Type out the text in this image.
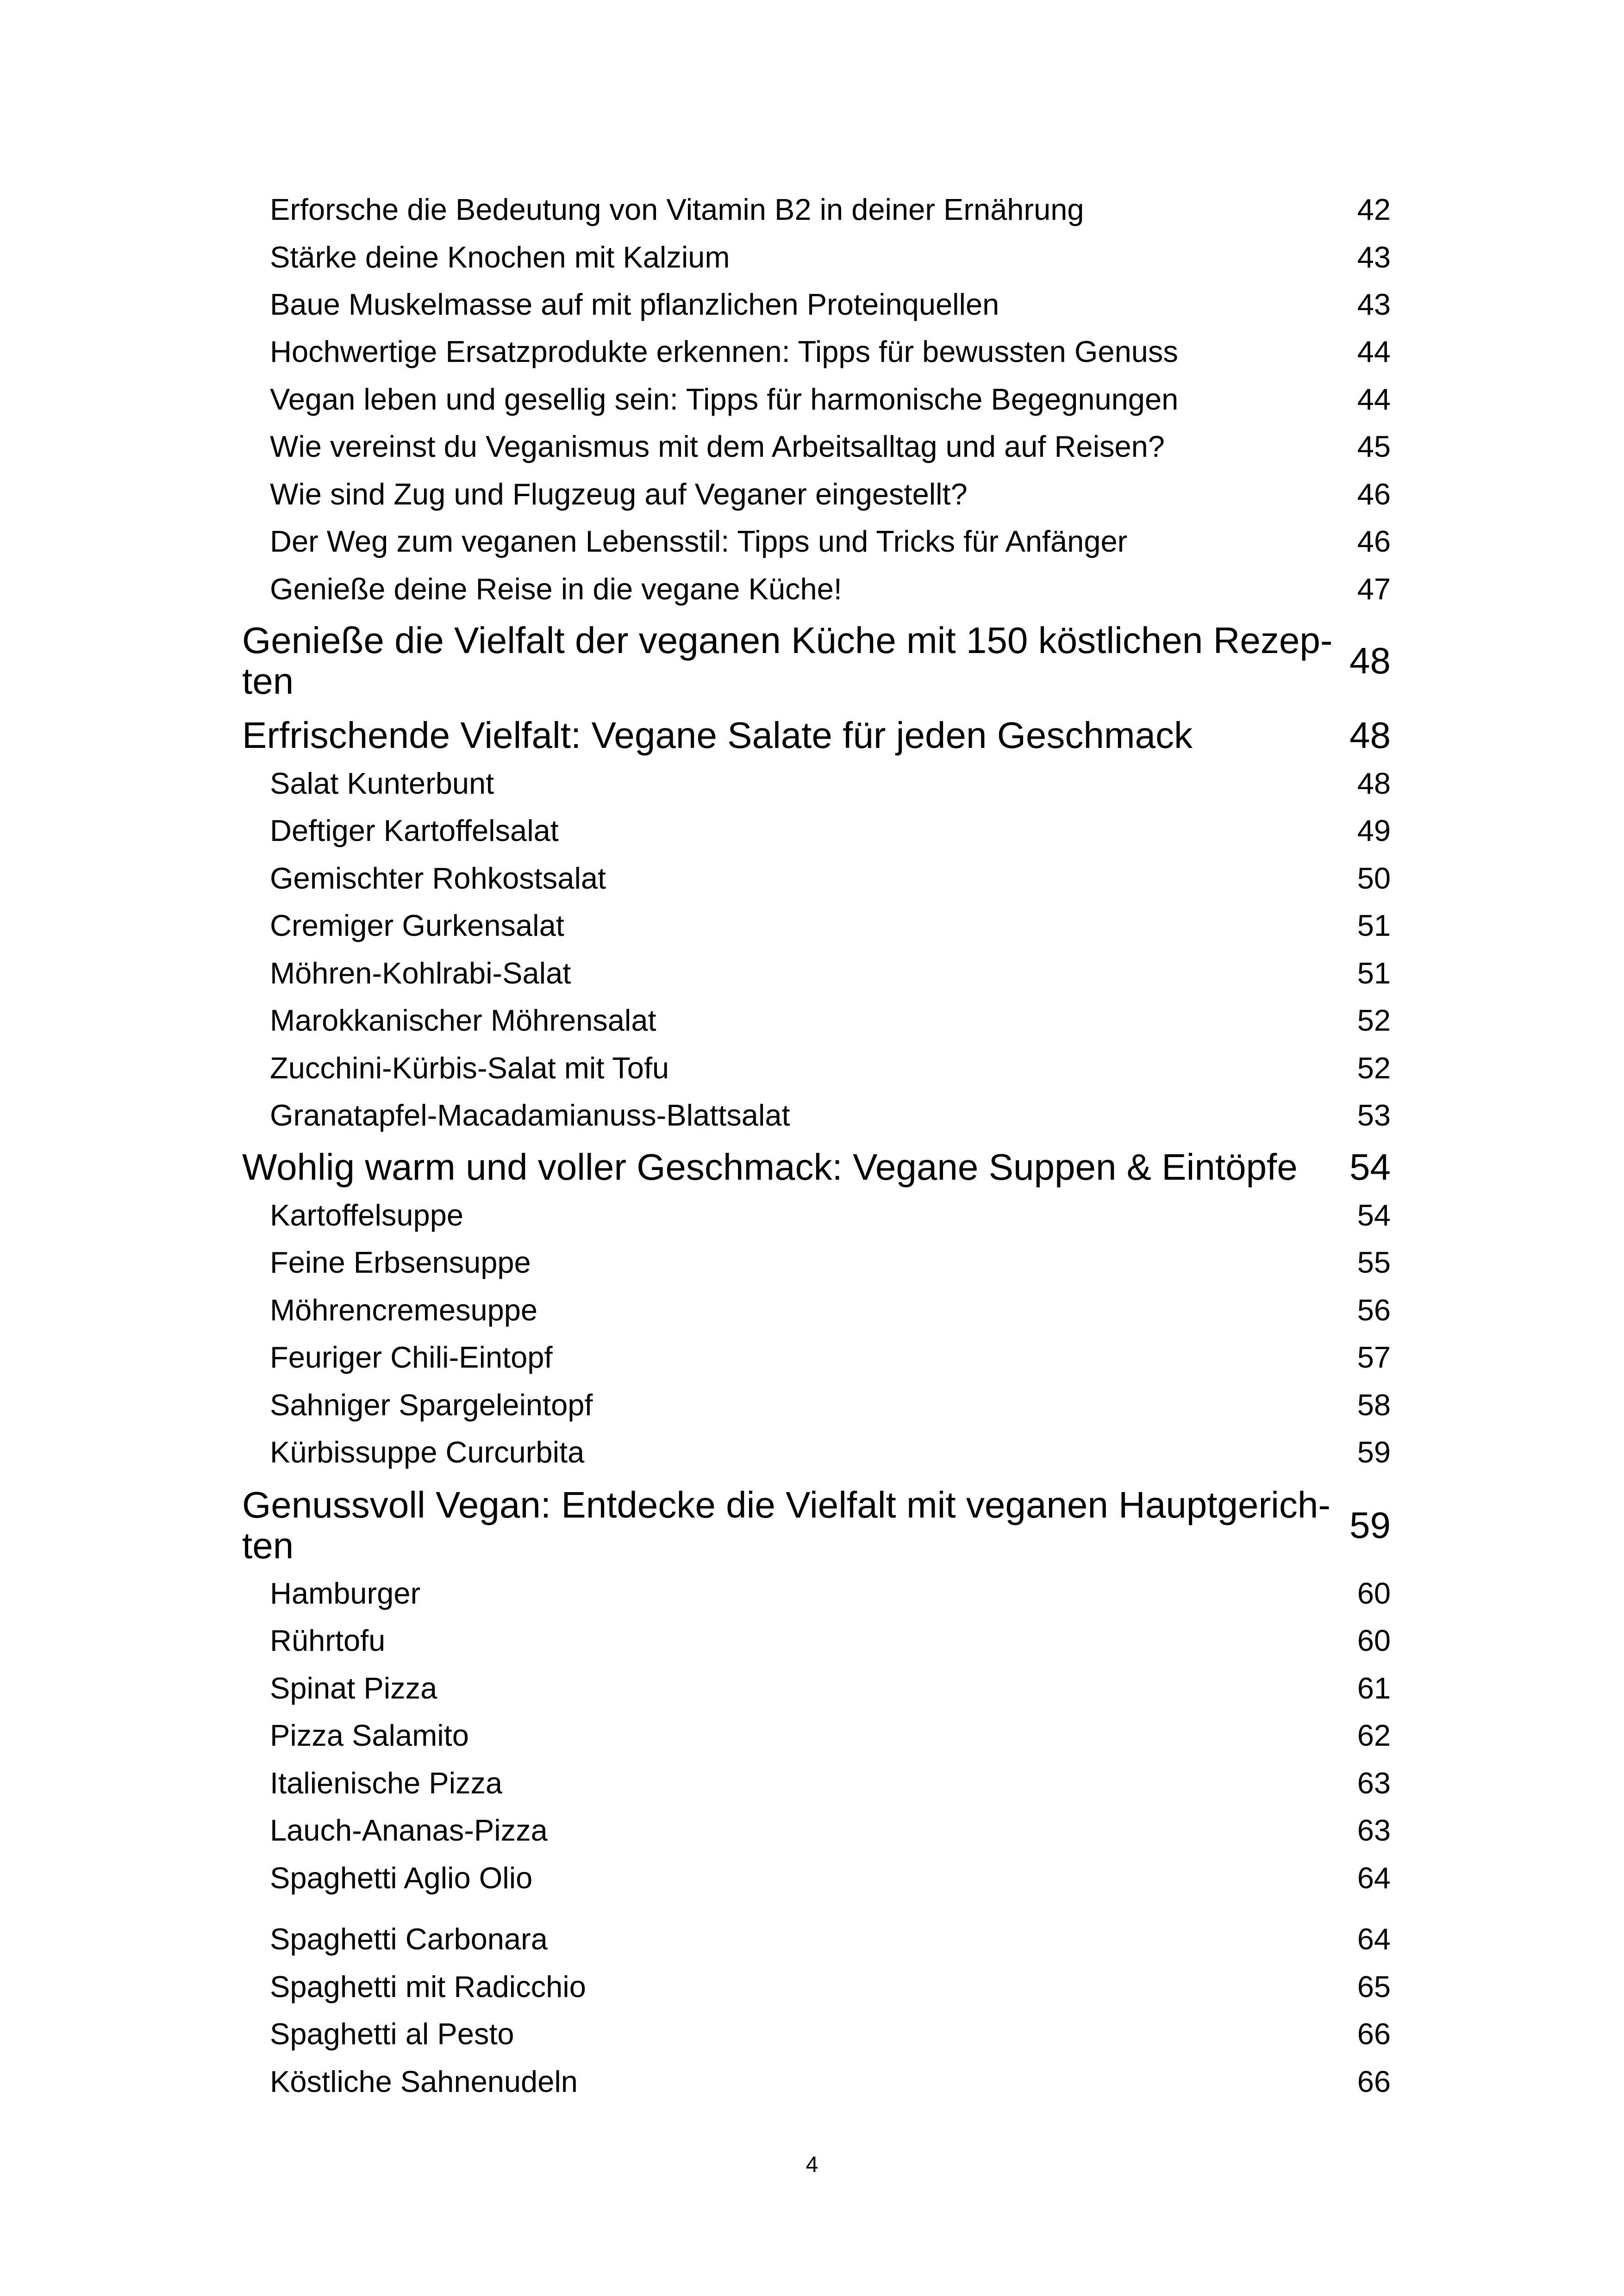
Erforsche die Bedeutung von Vitamin B2 in deiner Ernährung	42
Stärke deine Knochen mit Kalzium	43
Baue Muskelmasse auf mit pflanzlichen Proteinquellen	43
Hochwertige Ersatzprodukte erkennen: Tipps für bewussten Genuss	44
Vegan leben und gesellig sein: Tipps für harmonische Begegnungen	44
Wie vereinst du Veganismus mit dem Arbeitsalltag und auf Reisen?	45
Wie sind Zug und Flugzeug auf Veganer eingestellt?	46
Der Weg zum veganen Lebensstil: Tipps und Tricks für Anfänger	46
Genieße deine Reise in die vegane Küche!	47
Genieße die Vielfalt der veganen Küche mit 150 köstlichen Rezep-
ten	48
Erfrischende Vielfalt: Vegane Salate für jeden Geschmack	48
Salat Kunterbunt	48
Deftiger Kartoffelsalat	49
Gemischter Rohkostsalat	50
Cremiger Gurkensalat	51
Möhren-Kohlrabi-Salat	51
Marokkanischer Möhrensalat	52
Zucchini-Kürbis-Salat mit Tofu	52
Granatapfel-Macadamianuss-Blattsalat	53
Wohlig warm und voller Geschmack: Vegane Suppen & Eintöpfe 54
Kartoffelsuppe	54
Feine Erbsensuppe	55
Möhrencremesuppe	56
Feuriger Chili-Eintopf	57
Sahniger Spargeleintopf	58
Kürbissuppe Curcurbita	59
Genussvoll Vegan: Entdecke die Vielfalt mit veganen Hauptgerich-
ten	59
Hamburger	60
Rührtofu	60
Spinat Pizza	61
Pizza Salamito	62
Italienische Pizza	63
Lauch-Ananas-Pizza	63
Spaghetti Aglio Olio	64
Spaghetti Carbonara	64
Spaghetti mit Radicchio	65
Spaghetti al Pesto	66
Köstliche Sahnenudeln	66
4
